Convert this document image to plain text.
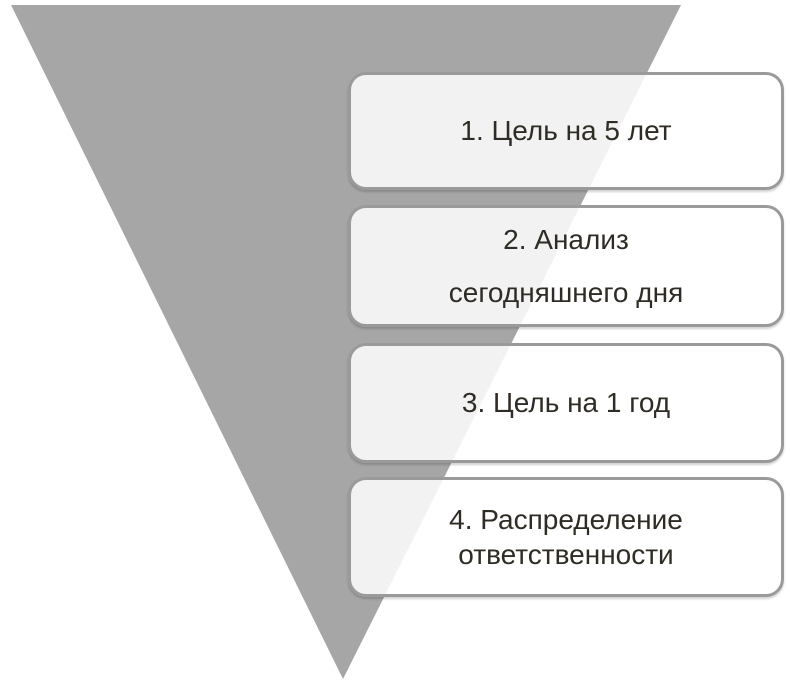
1. Цель на 5 лет
2. Анализ
сегодняшнего дня
3. Цель на 1 год
4. Распределение
ответственности
